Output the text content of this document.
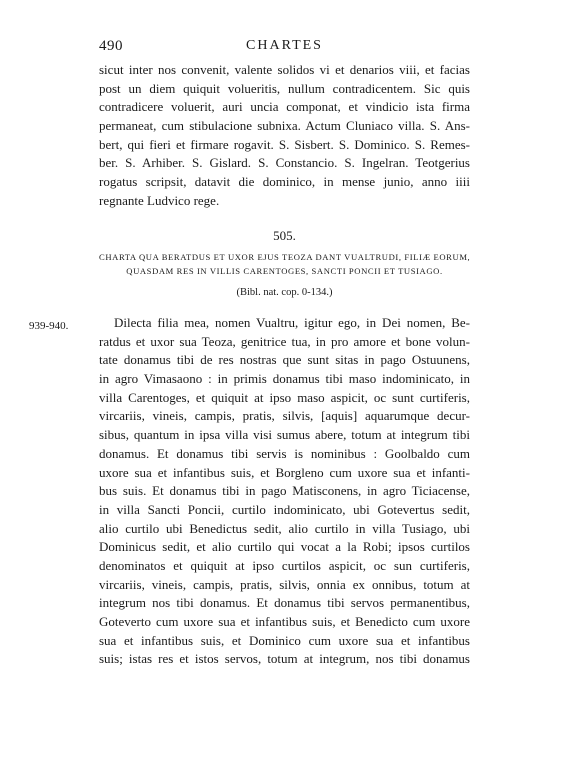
490	CHARTES
sicut inter nos convenit, valente solidos vi et denarios viii, et facias
post un diem quiquit volueritis, nullum contradicentem. Sic quis
contradicere voluerit, auri uncia componat, et vindicio ista firma
permaneat, cum stibulacione subnixa. Actum Cluniaco villa. S. Ans-
bert, qui fieri et firmare rogavit. S. Sisbert. S. Dominico. S. Remes-
ber. S. Arhiber. S. Gislard. S. Constancio. S. Ingelran. Teotgerius
rogatus scripsit, datavit die dominico, in mense junio, anno iiii
regnante Ludvico rege.
505.
CHARTA QUA BERATDUS ET UXOR EJUS TEOZA DANT VUALTRUDI, FILIÆ EORUM,
QUASDAM RES IN VILLIS CARENTOGES, SANCTI PONCII ET TUSIAGO.
(Bibl. nat. cop. 0-134.)
939-940.	Dilecta filia mea, nomen Vualtru, igitur ego, in Dei nomen, Be-
ratdus et uxor sua Teoza, genitrice tua, in pro amore et bone volun-
tate donamus tibi de res nostras que sunt sitas in pago Ostuunens,
in agro Vimasaono : in primis donamus tibi maso indominicato, in
villa Carentoges, et quiquit at ipso maso aspicit, oc sunt curtiferis,
vircariis, vineis, campis, pratis, silvis, [aquis] aquarumque decur-
sibus, quantum in ipsa villa visi sumus abere, totum at integrum tibi
donamus. Et donamus tibi servis is nominibus : Goolbaldo cum
uxore sua et infantibus suis, et Borgleno cum uxore sua et infanti-
bus suis. Et donamus tibi in pago Matisconens, in agro Ticiacense,
in villa Sancti Poncii, curtilo indominicato, ubi Gotevertus sedit,
alio curtilo ubi Benedictus sedit, alio curtilo in villa Tusiago, ubi
Dominicus sedit, et alio curtilo qui vocat a la Robi; ipsos curtilos
denominatos et quiquit at ipso curtilos aspicit, oc sun curtiferis,
vircariis, vineis, campis, pratis, silvis, onnia ex onnibus, totum at
integrum nos tibi donamus. Et donamus tibi servos permanentibus,
Goteverto cum uxore sua et infantibus suis, et Benedicto cum uxore
sua et infantibus suis, et Dominico cum uxore sua et infantibus
suis; istas res et istos servos, totum at integrum, nos tibi donamus
